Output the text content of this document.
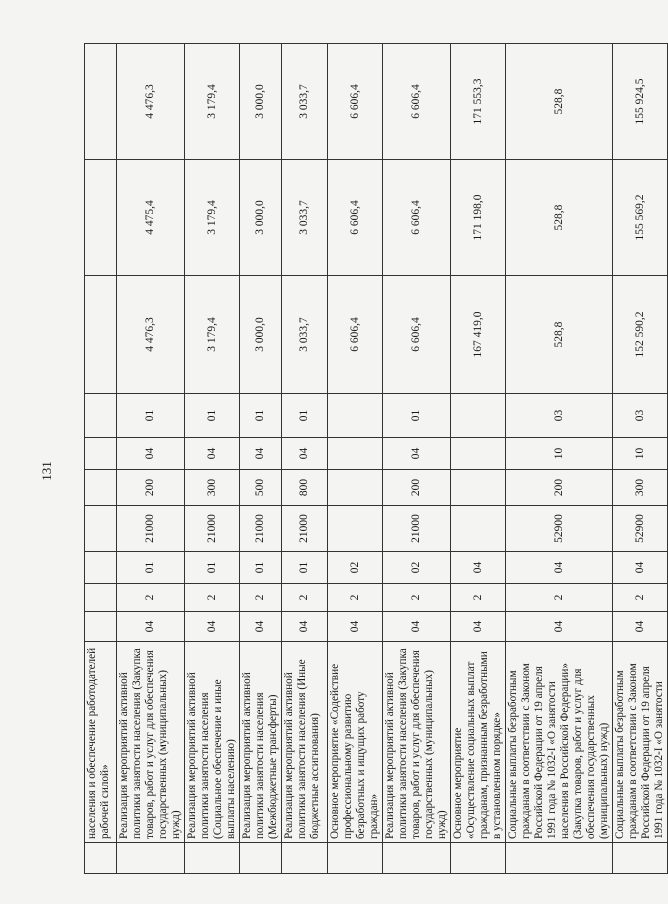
131
	населения и обеспечение работодателей рабочей силой»										
	Реализация мероприятий активной политики занятости населения (Закупка товаров, работ и услуг для обеспечения государственных (муниципальных) нужд)	04	2	01	21000	200	04	01	4 476,3	4 475,4	4 476,3
	Реализация мероприятий активной политики занятости населения (Социальное обеспечение и иные выплаты населению)	04	2	01	21000	300	04	01	3 179,4	3 179,4	3 179,4
	Реализация мероприятий активной политики занятости населения (Межбюджетные трансферты)	04	2	01	21000	500	04	01	3 000,0	3 000,0	3 000,0
	Реализация мероприятий активной политики занятости населения (Иные бюджетные ассигнования)	04	2	01	21000	800	04	01	3 033,7	3 033,7	3 033,7
	Основное мероприятие «Содействие профессиональному развитию безработных и ищущих работу граждан»	04	2	02					6 606,4	6 606,4	6 606,4
	Реализация мероприятий активной политики занятости населения (Закупка товаров, работ и услуг для обеспечения государственных (муниципальных) нужд)	04	2	02	21000	200	04	01	6 606,4	6 606,4	6 606,4
	Основное мероприятие «Осуществление социальных выплат гражданам, признанным безработными в установленном порядке»	04	2	04					167 419,0	171 198,0	171 553,3
	Социальные выплаты безработным гражданам в соответствии с Законом Российской Федерации от 19 апреля 1991 года № 1032-I «О занятости населения в Российской Федерации» (Закупка товаров, работ и услуг для обеспечения государственных (муниципальных) нужд)	04	2	04	52900	200	10	03	528,8	528,8	528,8
	Социальные выплаты безработным гражданам в соответствии с Законом Российской Федерации от 19 апреля 1991 года № 1032-I «О занятости	04	2	04	52900	300	10	03	152 590,2	155 569,2	155 924,5
